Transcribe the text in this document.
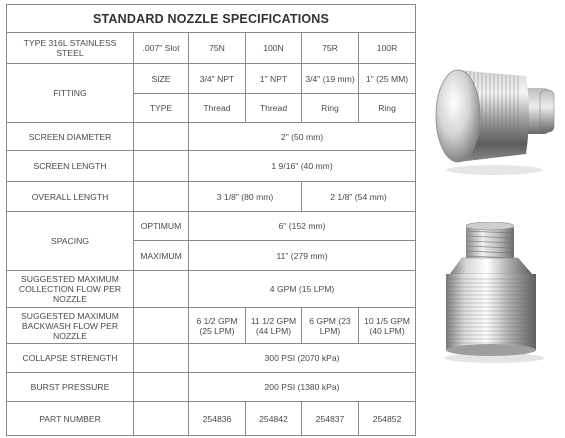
STANDARD NOZZLE SPECIFICATIONS					
TYPE 316L STAINLESS STEEL	.007" Slot	75N	100N	75R	100R
FITTING	SIZE	3/4" NPT	1" NPT	3/4" (19 mm)	1" (25 MM)
	TYPE	Thread	Thread	Ring	Ring
SCREEN DIAMETER		2" (50 mm)			
SCREEN LENGTH		1 9/16" (40 mm)			
OVERALL LENGTH		3 1/8" (80 mm)		2 1/8" (54 mm)	
SPACING	OPTIMUM	6" (152 mm)			
	MAXIMUM	11" (279 mm)			
SUGGESTED MAXIMUM COLLECTION FLOW PER NOZZLE		4 GPM (15 LPM)			
SUGGESTED MAXIMUM BACKWASH FLOW PER NOZZLE		6 1/2 GPM (25 LPM)	11 1/2 GPM (44 LPM)	6 GPM (23 LPM)	10 1/5 GPM (40 LPM)
COLLAPSE STRENGTH		300 PSI (2070 kPa)			
BURST PRESSURE		200 PSI (1380 kPa)			
PART NUMBER		254836	254842	254837	254852
